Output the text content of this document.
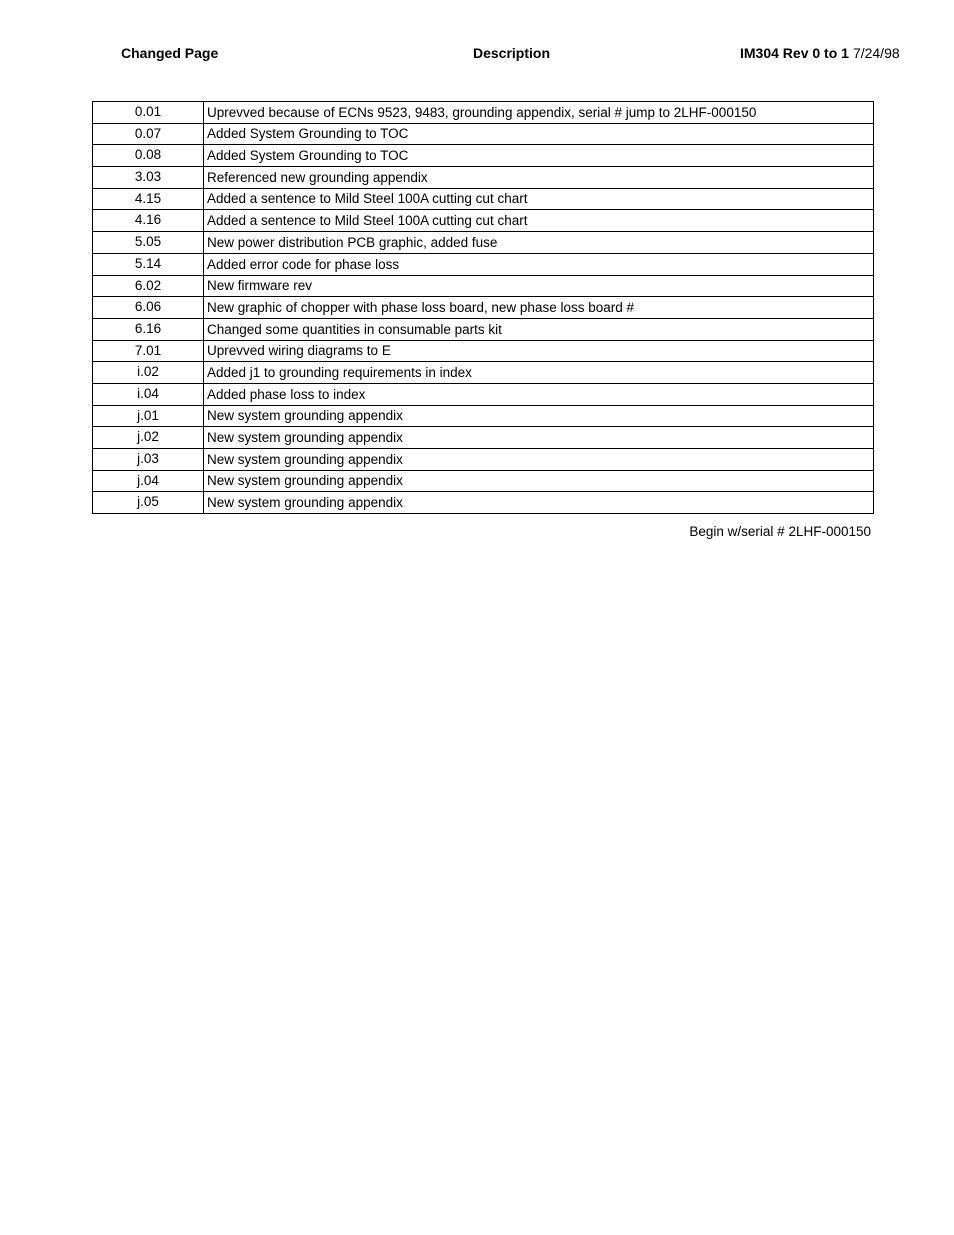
Changed Page	Description	IM304 Rev 0 to 1 7/24/98
0.01	Uprevved because of ECNs 9523, 9483, grounding appendix, serial # jump to 2LHF-000150
0.07	Added System Grounding to TOC
0.08	Added System Grounding to TOC
3.03	Referenced new grounding appendix
4.15	Added a sentence to Mild Steel 100A cutting cut chart
4.16	Added a sentence to Mild Steel 100A cutting cut chart
5.05	New power distribution PCB graphic, added fuse
5.14	Added error code for phase loss
6.02	New firmware rev
6.06	New graphic of chopper with phase loss board, new phase loss board #
6.16	Changed some quantities in consumable parts kit
7.01	Uprevved wiring diagrams to E
i.02	Added j1 to grounding requirements in index
i.04	Added phase loss to index
j.01	New system grounding appendix
j.02	New system grounding appendix
j.03	New system grounding appendix
j.04	New system grounding appendix
j.05	New system grounding appendix
Begin w/serial # 2LHF-000150
